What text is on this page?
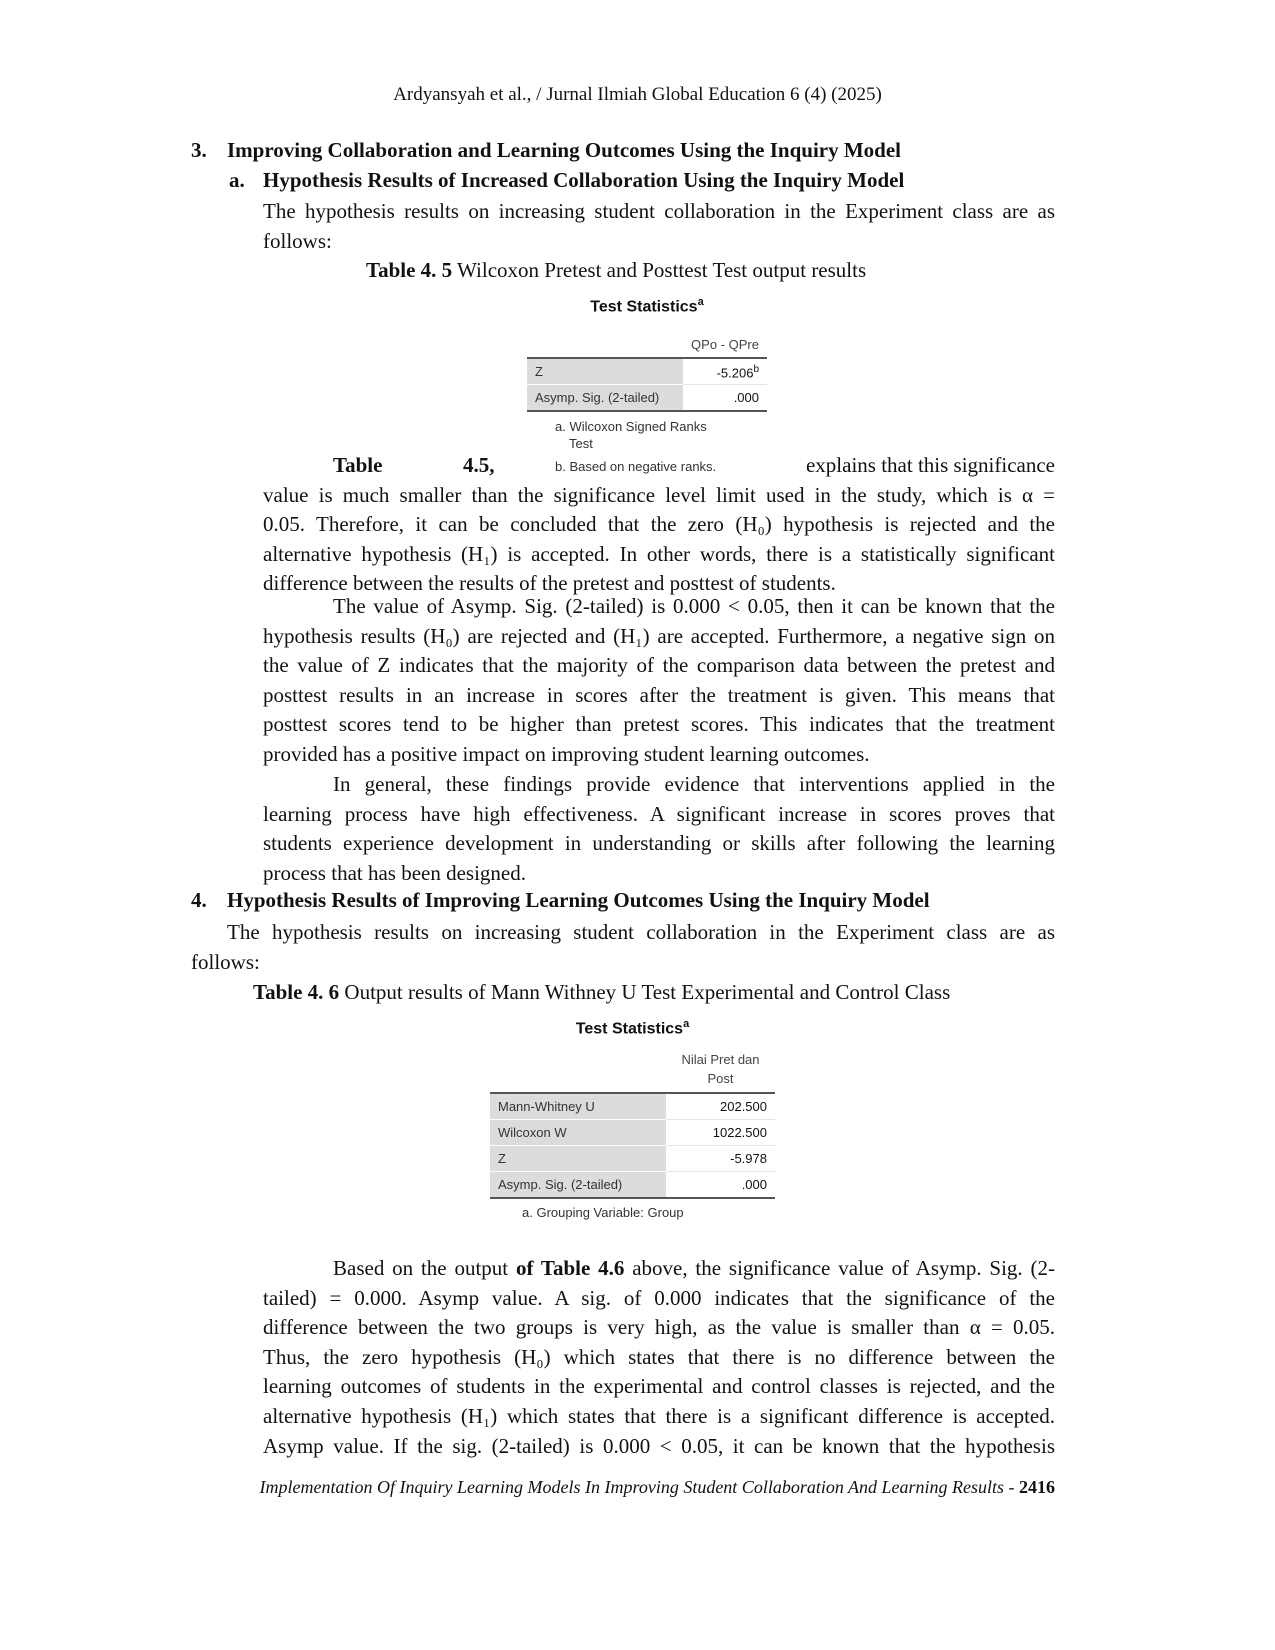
Ardyansyah et al., / Jurnal Ilmiah Global Education 6 (4) (2025)
3. Improving Collaboration and Learning Outcomes Using the Inquiry Model
a. Hypothesis Results of Increased Collaboration Using the Inquiry Model
The hypothesis results on increasing student collaboration in the Experiment class are as
follows:
Table 4. 5 Wilcoxon Pretest and Posttest Test output results
Test Statistics$^a$
	QPo - QPre
Z	-5.206$^b$
Asymp. Sig. (2-tailed)	.000
a. Wilcoxon Signed Ranks
Test
b. Based on negative ranks.
Table	4.5,	explains that this significance
value is much smaller than the significance level limit used in the study, which is α =
0.05. Therefore, it can be concluded that the zero (H₀) hypothesis is rejected and the
alternative hypothesis (H₁) is accepted. In other words, there is a statistically significant
difference between the results of the pretest and posttest of students.
The value of Asymp. Sig. (2-tailed) is 0.000 < 0.05, then it can be known that the
hypothesis results (H₀) are rejected and (H₁) are accepted. Furthermore, a negative sign on
the value of Z indicates that the majority of the comparison data between the pretest and
posttest results in an increase in scores after the treatment is given. This means that
posttest scores tend to be higher than pretest scores. This indicates that the treatment
provided has a positive impact on improving student learning outcomes.
In general, these findings provide evidence that interventions applied in the
learning process have high effectiveness. A significant increase in scores proves that
students experience development in understanding or skills after following the learning
process that has been designed.
4. Hypothesis Results of Improving Learning Outcomes Using the Inquiry Model
The hypothesis results on increasing student collaboration in the Experiment class are as
follows:
Table 4. 6 Output results of Mann Withney U Test Experimental and Control Class
Test Statistics$^a$
	Nilai Pret dan
Post
Mann-Whitney U	202.500
Wilcoxon W	1022.500
Z	-5.978
Asymp. Sig. (2-tailed)	.000
a. Grouping Variable: Group
Based on the output of Table 4.6 above, the significance value of Asymp. Sig. (2-
tailed) = 0.000. Asymp value. A sig. of 0.000 indicates that the significance of the
difference between the two groups is very high, as the value is smaller than α = 0.05.
Thus, the zero hypothesis (H₀) which states that there is no difference between the
learning outcomes of students in the experimental and control classes is rejected, and the
alternative hypothesis (H₁) which states that there is a significant difference is accepted.
Asymp value. If the sig. (2-tailed) is 0.000 < 0.05, it can be known that the hypothesis
Implementation Of Inquiry Learning Models In Improving Student Collaboration And Learning Results - 2416
